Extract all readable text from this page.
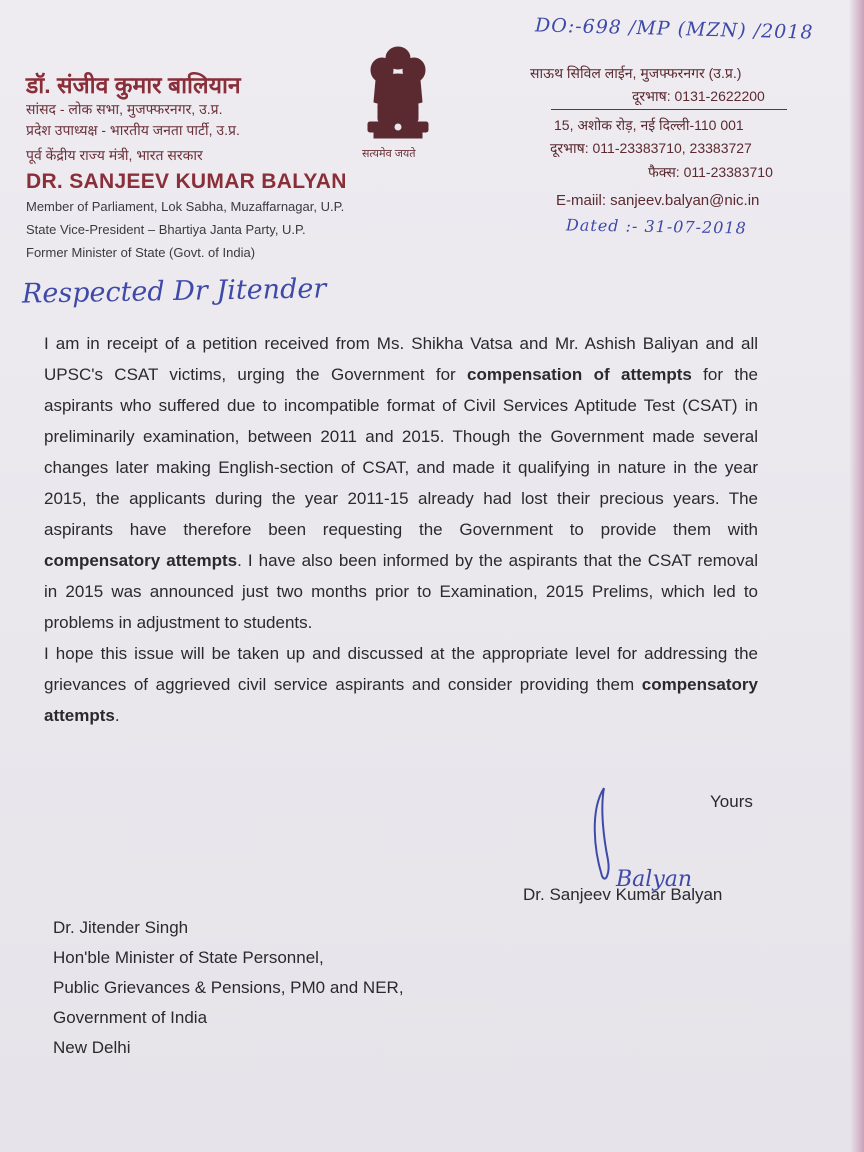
DO:-698 /MP (MZN) /2018
डॉ. संजीव कुमार बालियान
सांसद - लोक सभा, मुजफ्फरनगर, उ.प्र.
प्रदेश उपाध्यक्ष - भारतीय जनता पार्टी, उ.प्र.
पूर्व केंद्रीय राज्य मंत्री, भारत सरकार
DR. SANJEEV KUMAR BALYAN
Member of Parliament, Lok Sabha, Muzaffarnagar, U.P.
State Vice-President – Bhartiya Janta Party, U.P.
Former Minister of State (Govt. of India)
सत्यमेव जयते
साऊथ सिविल लाईन, मुजफ्फरनगर (उ.प्र.)
दूरभाष: 0131-2622200
15, अशोक रोड़, नई दिल्ली-110 001
दूरभाष: 011-23383710, 23383727
फैक्स: 011-23383710
E-maiil: sanjeev.balyan@nic.in
Dated :- 31-07-2018
Respected Dr Jitender
I am in receipt of a petition received from Ms. Shikha Vatsa and Mr. Ashish Baliyan and all UPSC's CSAT victims, urging the Government for compensation of attempts for the aspirants who suffered due to incompatible format of Civil Services Aptitude Test (CSAT) in preliminarily examination, between 2011 and 2015. Though the Government made several changes later making English-section of CSAT, and made it qualifying in nature in the year 2015, the applicants during the year 2011-15 already had lost their precious years. The aspirants have therefore been requesting the Government to provide them with compensatory attempts. I have also been informed by the aspirants that the CSAT removal in 2015 was announced just two months prior to Examination, 2015 Prelims, which led to problems in adjustment to students.
I hope this issue will be taken up and discussed at the appropriate level for addressing the grievances of aggrieved civil service aspirants and consider providing them compensatory attempts.
Yours
Balyan
Dr. Sanjeev Kumar Balyan
Dr. Jitender Singh
Hon'ble Minister of State Personnel,
Public Grievances & Pensions, PM0 and NER,
Government of India
New Delhi
